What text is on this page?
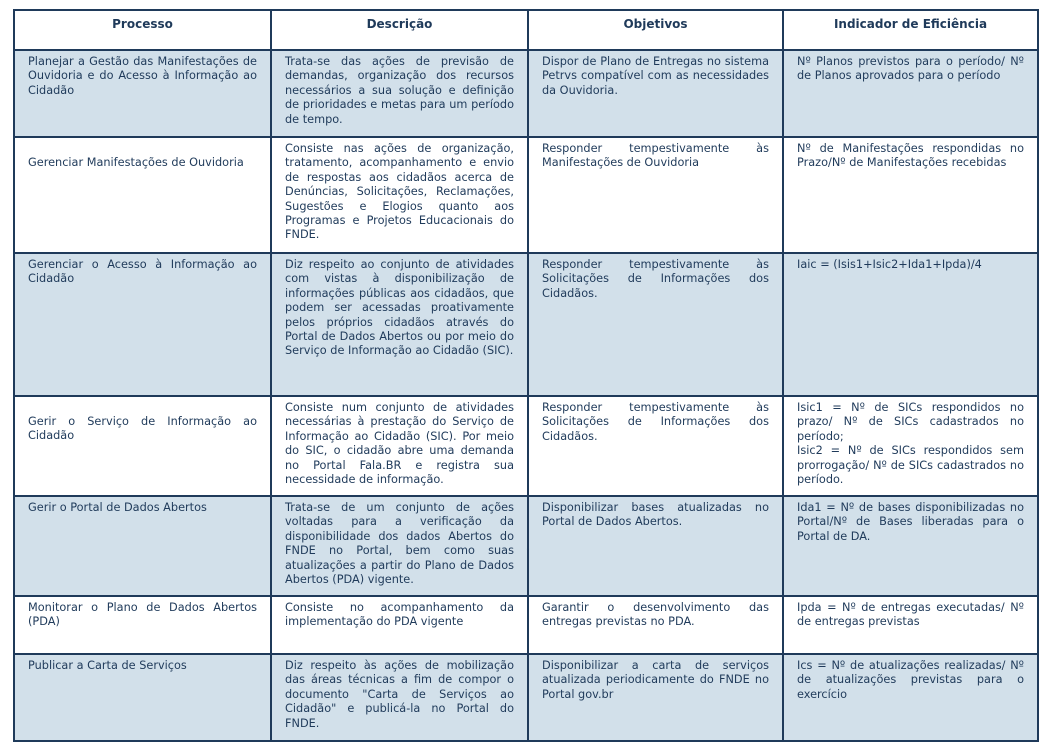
Processo	Descrição	Objetivos	Indicador de Eficiência
Planejar a Gestão das Manifestações de Ouvidoria e do Acesso à Informação ao Cidadão	Trata-se das ações de previsão de demandas, organização dos recursos necessários a sua solução e definição de prioridades e metas para um período de tempo.	Dispor de Plano de Entregas no sistema Petrvs compatível com as necessidades da Ouvidoria.	Nº Planos previstos para o período/ Nº de Planos aprovados para o período

Gerenciar Manifestações de Ouvidoria	Consiste nas ações de organização, tratamento, acompanhamento e envio de respostas aos cidadãos acerca de Denúncias, Solicitações, Reclamações, Sugestões e Elogios quanto aos Programas e Projetos Educacionais do FNDE.	Responder tempestivamente às Manifestações de Ouvidoria	Nº de Manifestações respondidas no Prazo/Nº de Manifestações recebidas

Gerenciar o Acesso à Informação ao Cidadão	Diz respeito ao conjunto de atividades com vistas à disponibilização de informações públicas aos cidadãos, que podem ser acessadas proativamente pelos próprios cidadãos através do Portal de Dados Abertos ou por meio do Serviço de Informação ao Cidadão (SIC).	Responder tempestivamente às Solicitações de Informações dos Cidadãos.	Iaic = (Isis1+Isic2+Ida1+Ipda)/4

Gerir o Serviço de Informação ao Cidadão	Consiste num conjunto de atividades necessárias à prestação do Serviço de Informação ao Cidadão (SIC). Por meio do SIC, o cidadão abre uma demanda no Portal Fala.BR e registra sua necessidade de informação.	Responder tempestivamente às Solicitações de Informações dos Cidadãos.	Isic1 = Nº de SICs respondidos no prazo/ Nº de SICs cadastrados no período;
Isic2 = Nº de SICs respondidos sem prorrogação/ Nº de SICs cadastrados no período.

Gerir o Portal de Dados Abertos	Trata-se de um conjunto de ações voltadas para a verificação da disponibilidade dos dados Abertos do FNDE no Portal, bem como suas atualizações a partir do Plano de Dados Abertos (PDA) vigente.	Disponibilizar bases atualizadas no Portal de Dados Abertos.	Ida1 = Nº de bases disponibilizadas no Portal/Nº de Bases liberadas para o Portal de DA.

Monitorar o Plano de Dados Abertos (PDA)	Consiste no acompanhamento da implementação do PDA vigente	Garantir o desenvolvimento das entregas previstas no PDA.	Ipda = Nº de entregas executadas/ Nº de entregas previstas

Publicar a Carta de Serviços	Diz respeito às ações de mobilização das áreas técnicas a fim de compor o documento "Carta de Serviços ao Cidadão" e publicá-la no Portal do FNDE.	Disponibilizar a carta de serviços atualizada periodicamente do FNDE no Portal gov.br	Ics = Nº de atualizações realizadas/ Nº de atualizações previstas para o exercício
